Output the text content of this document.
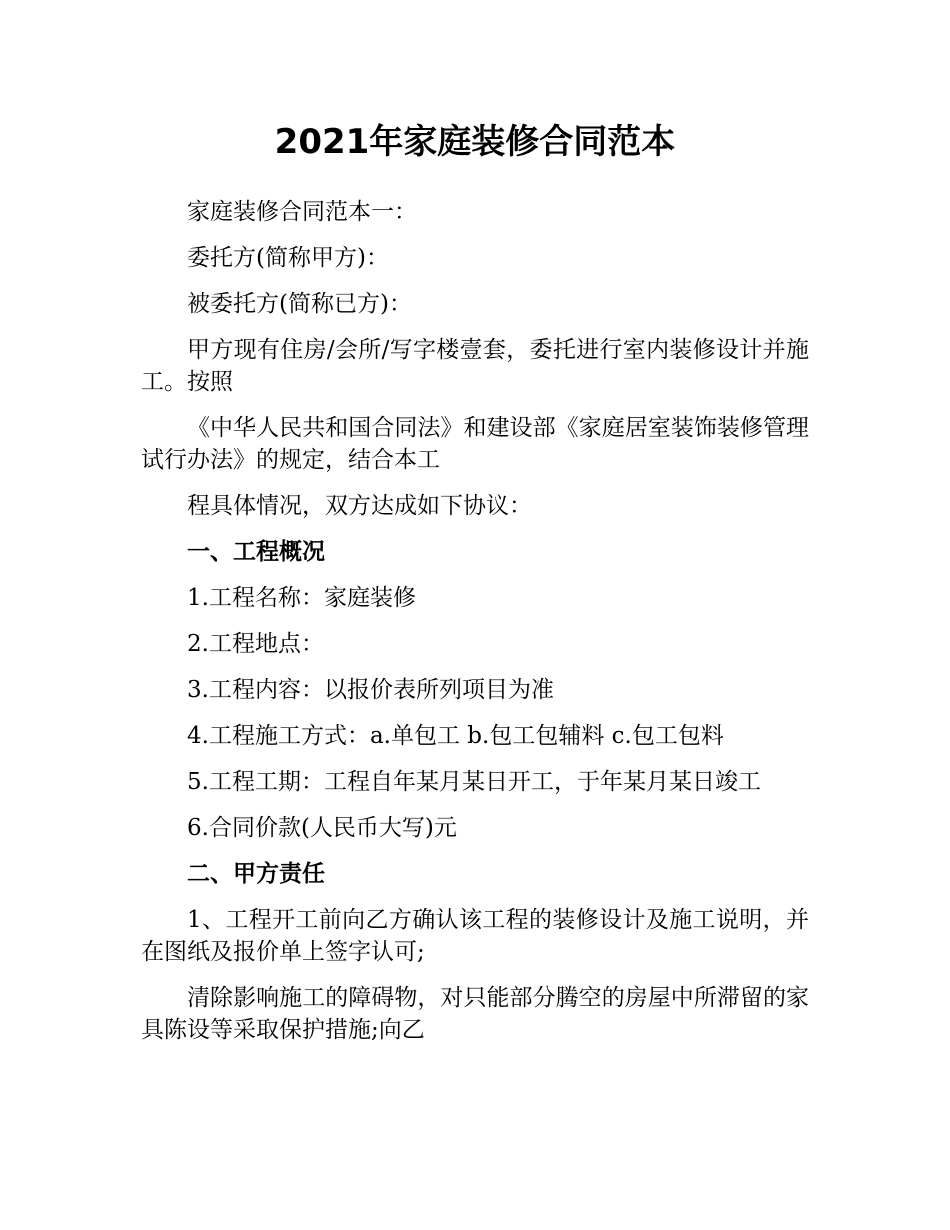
2021年家庭装修合同范本

家庭装修合同范本一：

委托方(简称甲方)：

被委托方(简称已方)：

甲方现有住房/会所/写字楼壹套，委托进行室内装修设计并施工。按照

《中华人民共和国合同法》和建设部《家庭居室装饰装修管理试行办法》的规定，结合本工

程具体情况，双方达成如下协议：

一、工程概况

1.工程名称：家庭装修

2.工程地点：

3.工程内容：以报价表所列项目为准

4.工程施工方式：a.单包工 b.包工包辅料 c.包工包料

5.工程工期：工程自年某月某日开工，于年某月某日竣工

6.合同价款(人民币大写)元

二、甲方责任

1、工程开工前向乙方确认该工程的装修设计及施工说明，并在图纸及报价单上签字认可;

清除影响施工的障碍物，对只能部分腾空的房屋中所滞留的家具陈设等采取保护措施;向乙
